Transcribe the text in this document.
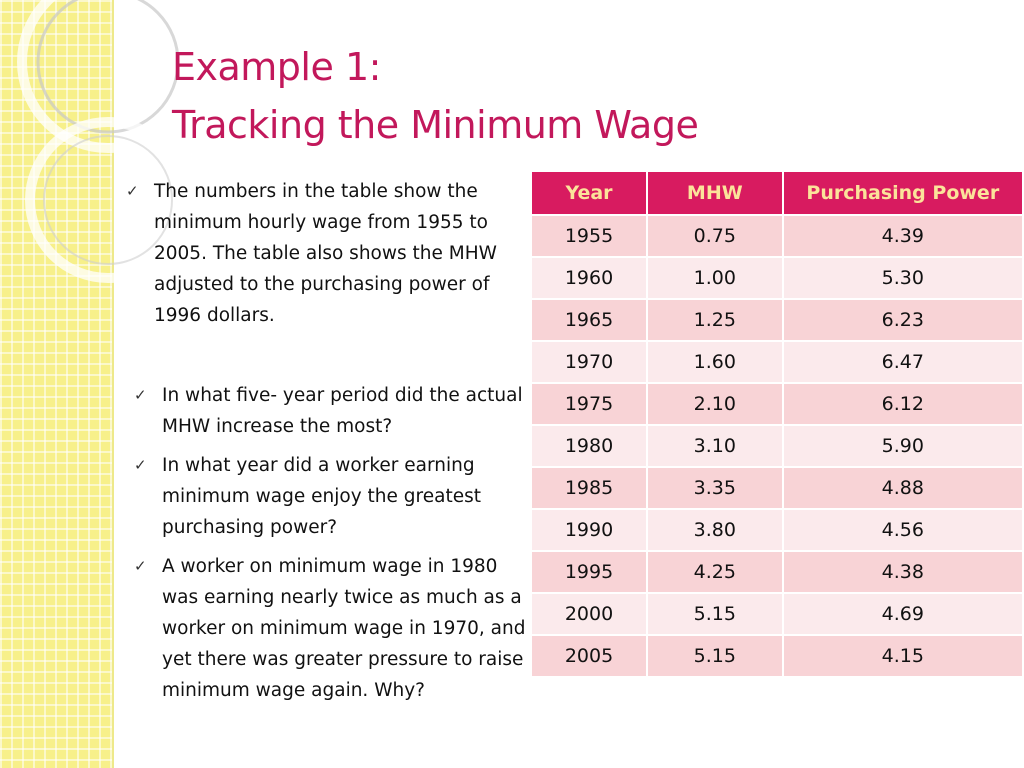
Example 1:
Tracking the Minimum Wage
✓ The numbers in the table show the minimum hourly wage from 1955 to 2005. The table also shows the MHW adjusted to the purchasing power of 1996 dollars.
✓ In what five- year period did the actual MHW increase the most?
✓ In what year did a worker earning minimum wage enjoy the greatest purchasing power?
✓ A worker on minimum wage in 1980 was earning nearly twice as much as a worker on minimum wage in 1970, and yet there was greater pressure to raise minimum wage again. Why?
Year	MHW	Purchasing Power
1955	0.75	4.39
1960	1.00	5.30
1965	1.25	6.23
1970	1.60	6.47
1975	2.10	6.12
1980	3.10	5.90
1985	3.35	4.88
1990	3.80	4.56
1995	4.25	4.38
2000	5.15	4.69
2005	5.15	4.15
